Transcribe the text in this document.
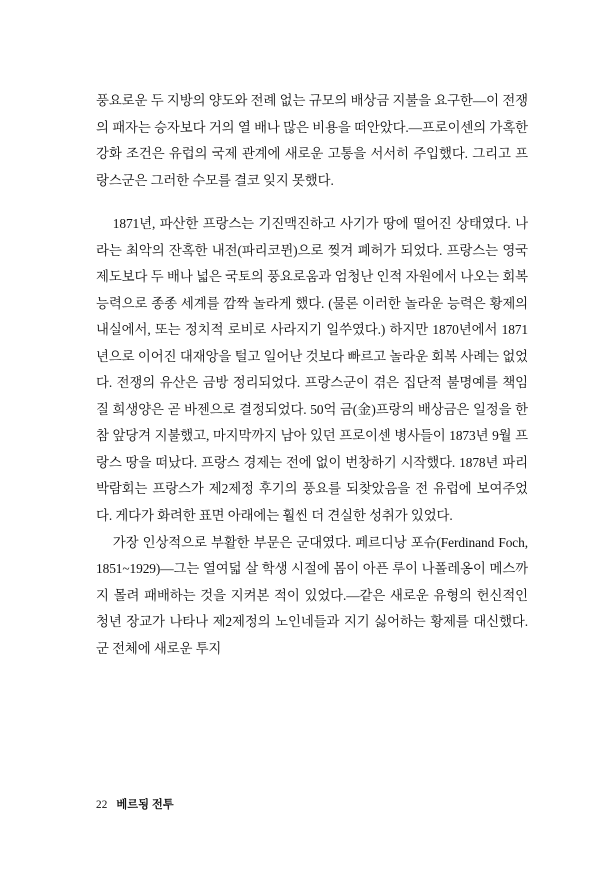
풍요로운 두 지방의 양도와 전례 없는 규모의 배상금 지불을 요구한—이 전쟁의 패자는 승자보다 거의 열 배나 많은 비용을 떠안았다.—프로이센의 가혹한 강화 조건은 유럽의 국제 관계에 새로운 고통을 서서히 주입했다. 그리고 프랑스군은 그러한 수모를 결코 잊지 못했다.

1871년, 파산한 프랑스는 기진맥진하고 사기가 땅에 떨어진 상태였다. 나라는 최악의 잔혹한 내전(파리코뮌)으로 찢겨 폐허가 되었다. 프랑스는 영국제도보다 두 배나 넓은 국토의 풍요로움과 엄청난 인적 자원에서 나오는 회복 능력으로 종종 세계를 깜짝 놀라게 했다. (물론 이러한 놀라운 능력은 황제의 내실에서, 또는 정치적 로비로 사라지기 일쑤였다.) 하지만 1870년에서 1871년으로 이어진 대재앙을 털고 일어난 것보다 빠르고 놀라운 회복 사례는 없었다. 전쟁의 유산은 금방 정리되었다. 프랑스군이 겪은 집단적 불명예를 책임질 희생양은 곧 바젠으로 결정되었다. 50억 금(金)프랑의 배상금은 일정을 한참 앞당겨 지불했고, 마지막까지 남아 있던 프로이센 병사들이 1873년 9월 프랑스 땅을 떠났다. 프랑스 경제는 전에 없이 번창하기 시작했다. 1878년 파리 박람회는 프랑스가 제2제정 후기의 풍요를 되찾았음을 전 유럽에 보여주었다. 게다가 화려한 표면 아래에는 훨씬 더 견실한 성취가 있었다.

가장 인상적으로 부활한 부문은 군대였다. 페르디낭 포슈(Ferdinand Foch, 1851~1929)—그는 열여덟 살 학생 시절에 몸이 아픈 루이 나폴레옹이 메스까지 몰려 패배하는 것을 지켜본 적이 있었다.—같은 새로운 유형의 헌신적인 청년 장교가 나타나 제2제정의 노인네들과 지기 싫어하는 황제를 대신했다. 군 전체에 새로운 투지

22 베르됭 전투
